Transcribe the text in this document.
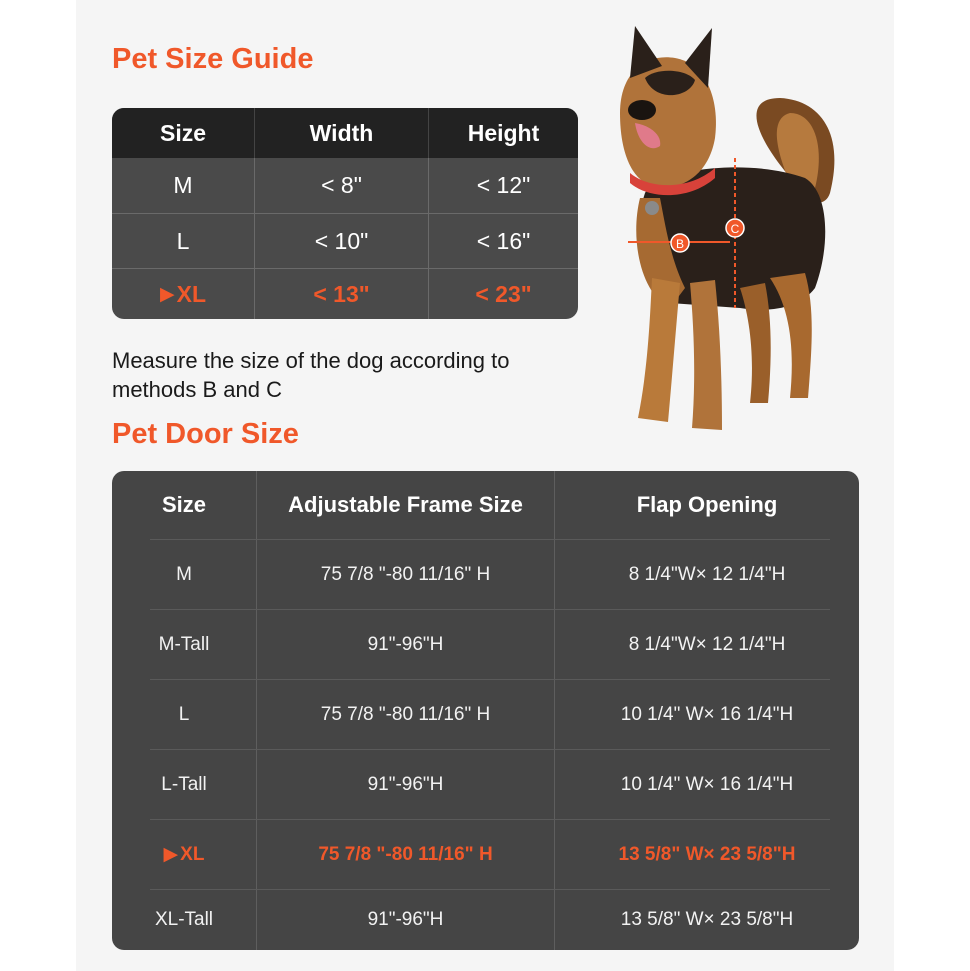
Pet Size Guide
Size	Width	Height
M	< 8"	< 12"
L	< 10"	< 16"
▶ XL	< 13"	< 23"

Measure the size of the dog according to methods B and C

B
C
Pet Door Size
Size	Adjustable Frame Size	Flap Opening
M	75 7/8 "-80 11/16" H	8 1/4"W× 12 1/4"H
M-Tall	91"-96"H	8 1/4"W× 12 1/4"H
L	75 7/8 "-80 11/16" H	10 1/4" W× 16 1/4"H
L-Tall	91"-96"H	10 1/4" W× 16 1/4"H
▶ XL	75 7/8 "-80 11/16" H	13 5/8" W× 23 5/8"H
XL-Tall	91"-96"H	13 5/8" W× 23 5/8"H
